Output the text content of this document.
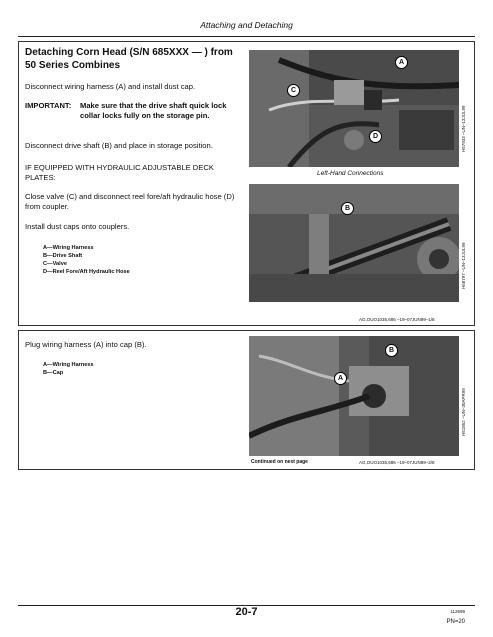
Attaching and Detaching
Detaching Corn Head (S/N 685XXX — ) from 50 Series Combines
Disconnect wiring harness (A) and install dust cap.
IMPORTANT: Make sure that the drive shaft quick lock collar locks fully on the storage pin.
Disconnect drive shaft (B) and place in storage position.
IF EQUIPPED WITH HYDRAULIC ADJUSTABLE DECK PLATES:
Close valve (C) and disconnect reel fore/aft hydraulic hose (D) from coupler.
Install dust caps onto couplers.
A—Wiring Harness
B—Drive Shaft
C—Valve
D—Reel Fore/Aft Hydraulic Hose
A
C
D	H57933 –UN–13JUL99
Left-Hand Connections
B
H58797 –UN–13JUL99
AG,OUO1035,686 –19–07JUN99–1/8
Plug wiring harness (A) into cap (B).
A—Wiring Harness
B—Cap
B
A
H51852 –UN–30APR99
Continued on next page	AG,OUO1035,686 –19–07JUN99–2/8
20-7	112699
PN=20
